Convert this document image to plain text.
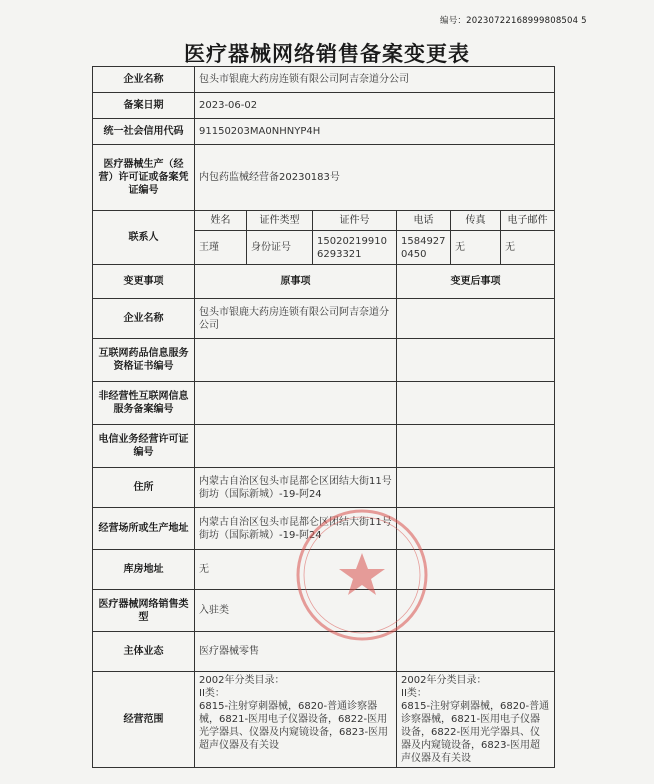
编号：20230722168999808504 5
医疗器械网络销售备案变更表
企业名称	包头市银鹿大药房连锁有限公司阿吉奈道分公司					
备案日期	2023-06-02					
统一社会信用代码	91150203MA0NHNYP4H					
医疗器械生产（经营）许可证或备案凭证编号	内包药监械经营备20230183号					
联系人	姓名	证件类型	证件号	电话	传真	电子邮件
	王瑾	身份证号	150202199106293321	15849270450	无	无
变更事项	原事项			变更后事项		
企业名称	包头市银鹿大药房连锁有限公司阿吉奈道分公司					
互联网药品信息服务资格证书编号						
非经营性互联网信息服务备案编号						
电信业务经营许可证编号						
住所	内蒙古自治区包头市昆都仑区团结大街11号街坊（国际新城）-19-阿24					
经营场所或生产地址	内蒙古自治区包头市昆都仑区团结大街11号街坊（国际新城）-19-阿24					
库房地址	无					
医疗器械网络销售类型	入驻类					
主体业态	医疗器械零售					
经营范围	2002年分类目录：
II类：
6815-注射穿刺器械，6820-普通诊察器械，6821-医用电子仪器设备，6822-医用光学器具、仪器及内窥镜设备，6823-医用超声仪器及有关设			2002年分类目录：
II类：
6815-注射穿刺器械，6820-普通诊察器械，6821-医用电子仪器设备，6822-医用光学器具、仪器及内窥镜设备，6823-医用超声仪器及有关设		
